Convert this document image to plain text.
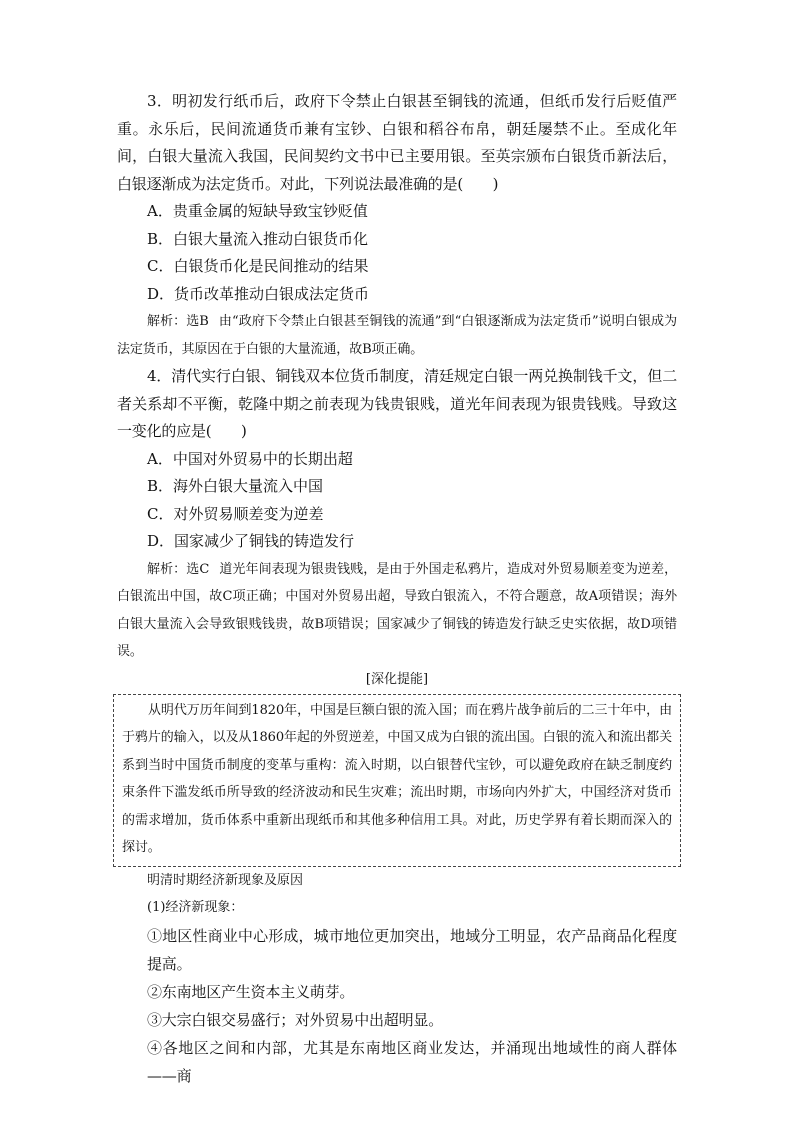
3．明初发行纸币后，政府下令禁止白银甚至铜钱的流通，但纸币发行后贬值严重。永乐后，民间流通货币兼有宝钞、白银和稻谷布帛，朝廷屡禁不止。至成化年间，白银大量流入我国，民间契约文书中已主要用银。至英宗颁布白银货币新法后，白银逐渐成为法定货币。对此，下列说法最准确的是(　　)

A．贵重金属的短缺导致宝钞贬值

B．白银大量流入推动白银货币化

C．白银货币化是民间推动的结果

D．货币改革推动白银成法定货币

解析：选B 由“政府下令禁止白银甚至铜钱的流通”到“白银逐渐成为法定货币”说明白银成为法定货币，其原因在于白银的大量流通，故B项正确。

4．清代实行白银、铜钱双本位货币制度，清廷规定白银一两兑换制钱千文，但二者关系却不平衡，乾隆中期之前表现为钱贵银贱，道光年间表现为银贵钱贱。导致这一变化的应是(　　)

A．中国对外贸易中的长期出超

B．海外白银大量流入中国

C．对外贸易顺差变为逆差

D．国家减少了铜钱的铸造发行

解析：选C 道光年间表现为银贵钱贱，是由于外国走私鸦片，造成对外贸易顺差变为逆差，白银流出中国，故C项正确；中国对外贸易出超，导致白银流入，不符合题意，故A项错误；海外白银大量流入会导致银贱钱贵，故B项错误；国家减少了铜钱的铸造发行缺乏史实依据，故D项错误。

[深化提能]

从明代万历年间到1820年，中国是巨额白银的流入国；而在鸦片战争前后的二三十年中，由于鸦片的输入，以及从1860年起的外贸逆差，中国又成为白银的流出国。白银的流入和流出都关系到当时中国货币制度的变革与重构：流入时期，以白银替代宝钞，可以避免政府在缺乏制度约束条件下滥发纸币所导致的经济波动和民生灾难；流出时期，市场向内外扩大，中国经济对货币的需求增加，货币体系中重新出现纸币和其他多种信用工具。对此，历史学界有着长期而深入的探讨。

明清时期经济新现象及原因

(1)经济新现象：

①地区性商业中心形成，城市地位更加突出，地域分工明显，农产品商品化程度提高。

②东南地区产生资本主义萌芽。

③大宗白银交易盛行；对外贸易中出超明显。

④各地区之间和内部，尤其是东南地区商业发达，并涌现出地域性的商人群体——商
